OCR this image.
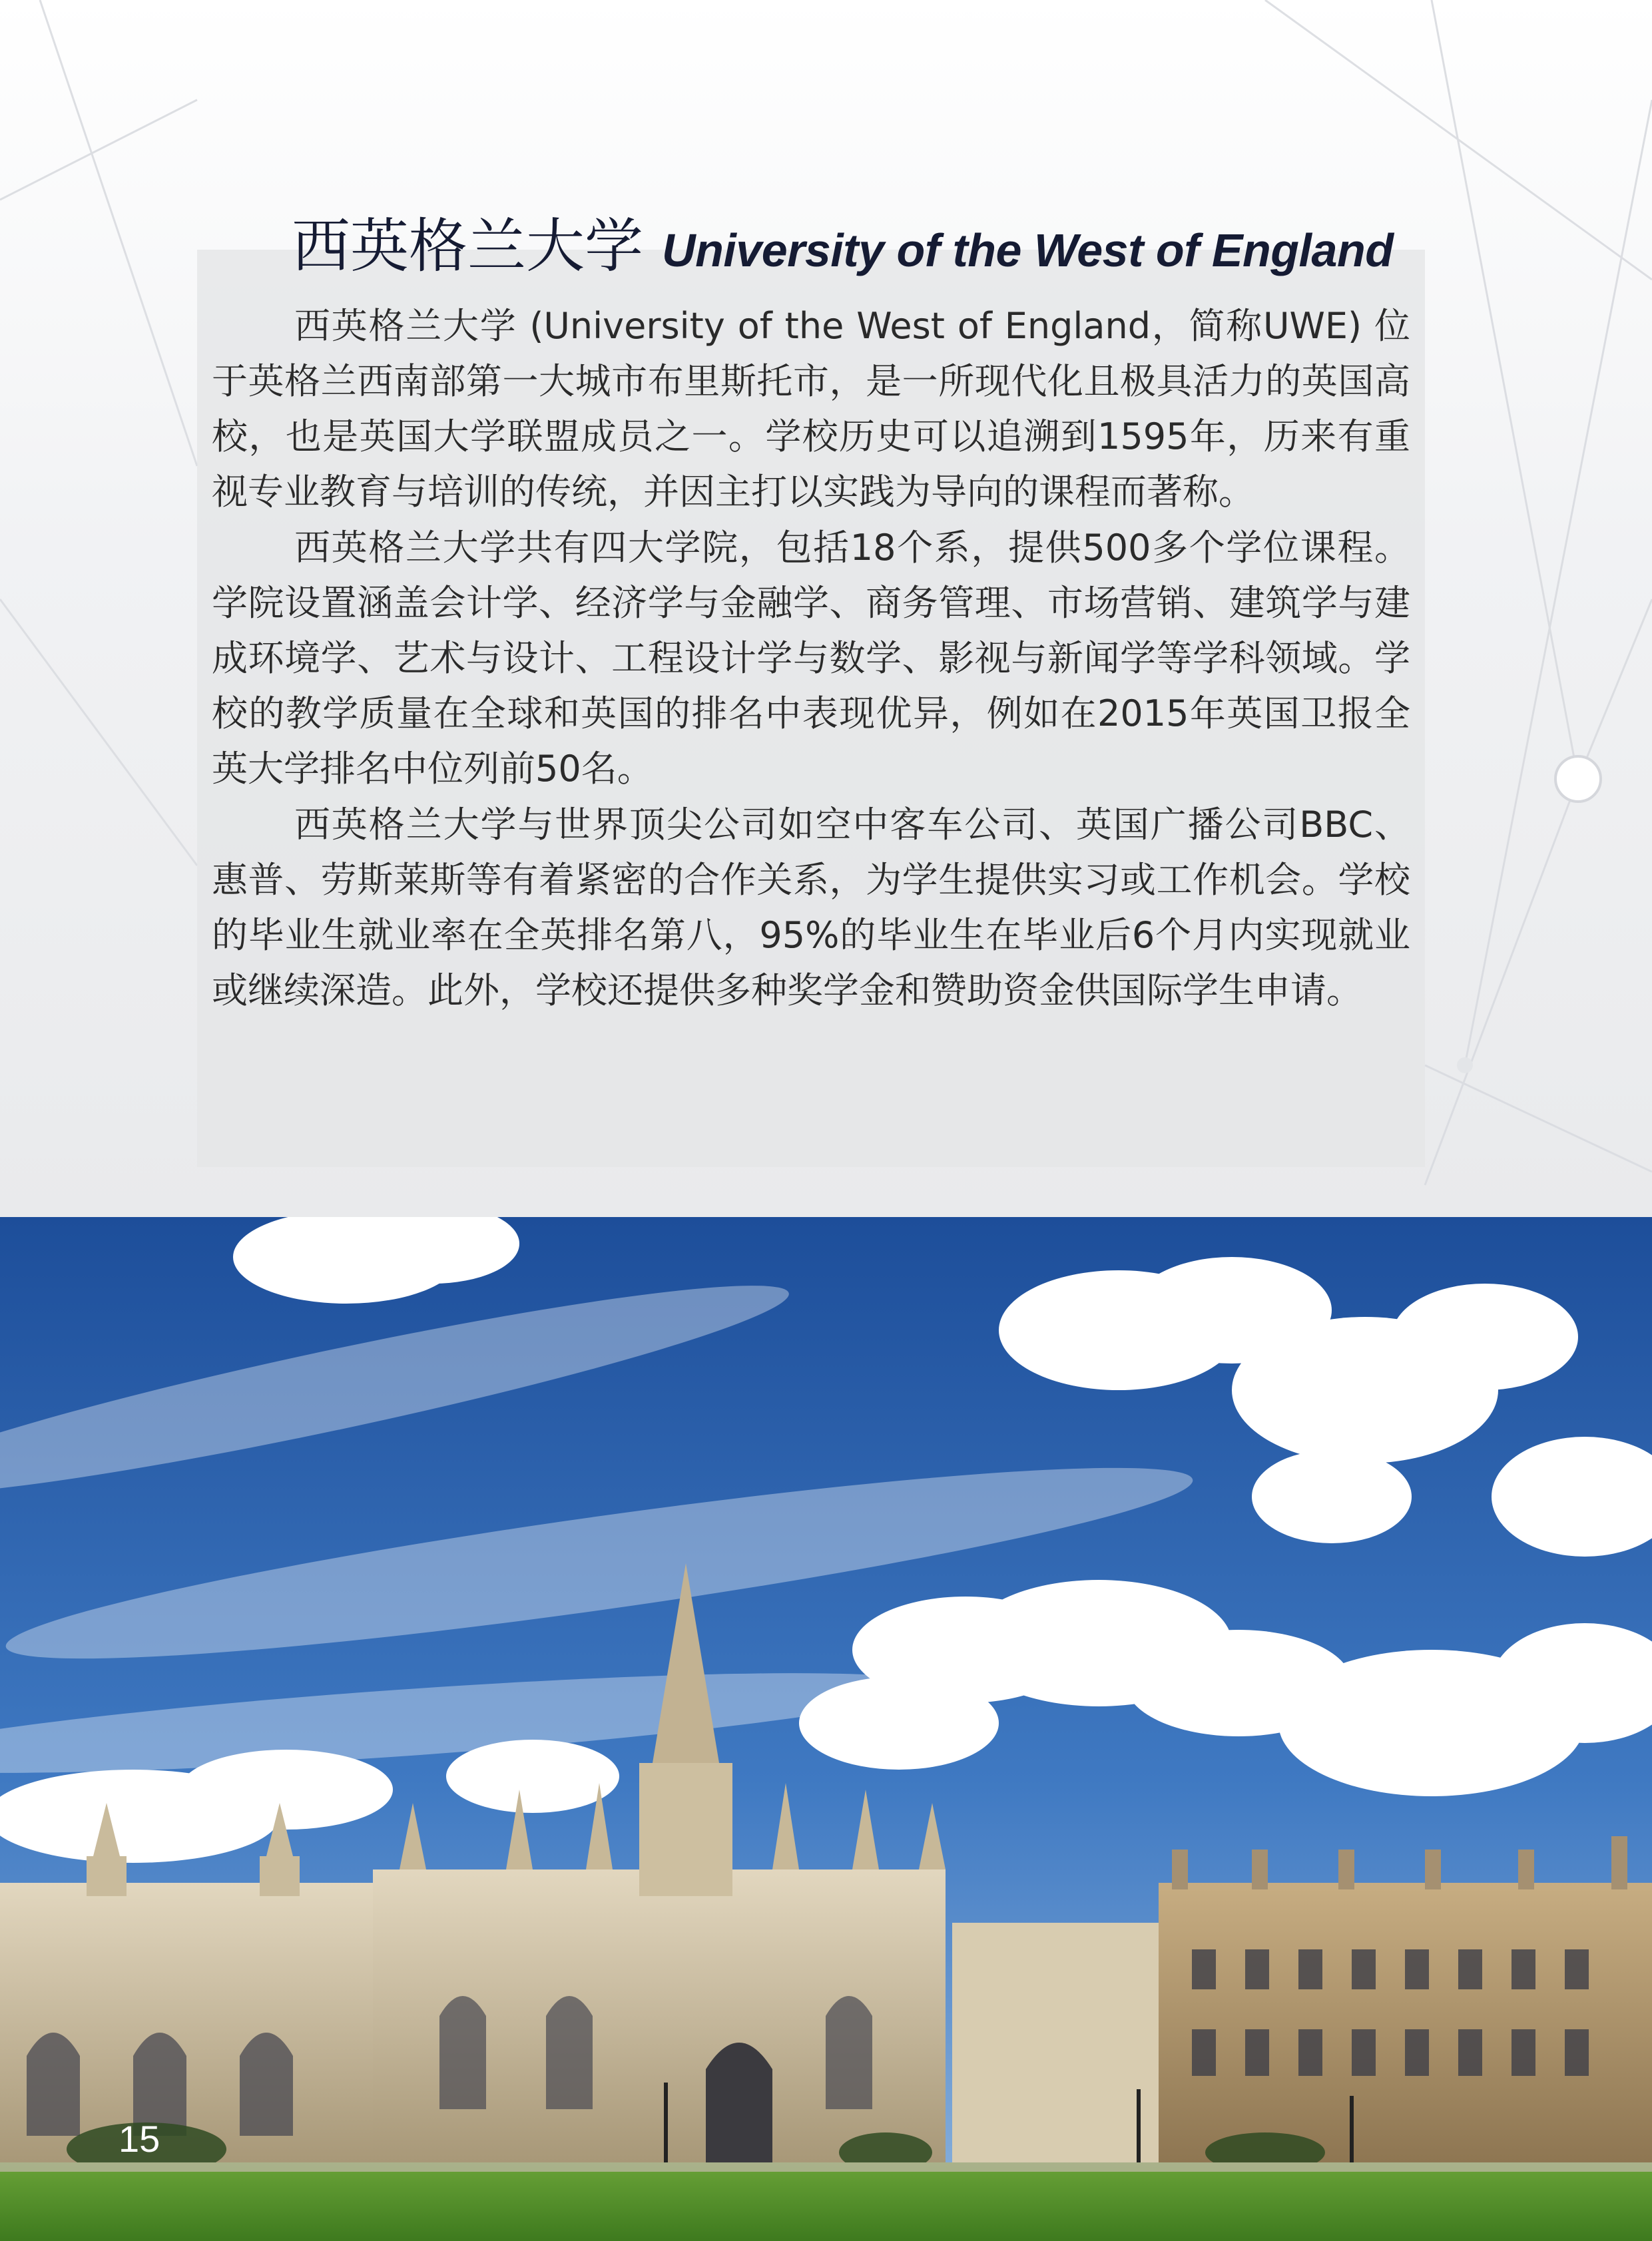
西英格兰大学 University of the West of England

西英格兰大学 (University of the West of England，简称UWE) 位于英格兰西南部第一大城市布里斯托市，是一所现代化且极具活力的英国高校，也是英国大学联盟成员之一。学校历史可以追溯到1595年，历来有重视专业教育与培训的传统，并因主打以实践为导向的课程而著称。

西英格兰大学共有四大学院，包括18个系，提供500多个学位课程。学院设置涵盖会计学、经济学与金融学、商务管理、市场营销、建筑学与建成环境学、艺术与设计、工程设计学与数学、影视与新闻学等学科领域。学校的教学质量在全球和英国的排名中表现优异，例如在2015年英国卫报全英大学排名中位列前50名。

西英格兰大学与世界顶尖公司如空中客车公司、英国广播公司BBC、惠普、劳斯莱斯等有着紧密的合作关系，为学生提供实习或工作机会。学校的毕业生就业率在全英排名第八，95%的毕业生在毕业后6个月内实现就业或继续深造。此外，学校还提供多种奖学金和赞助资金供国际学生申请。

15
